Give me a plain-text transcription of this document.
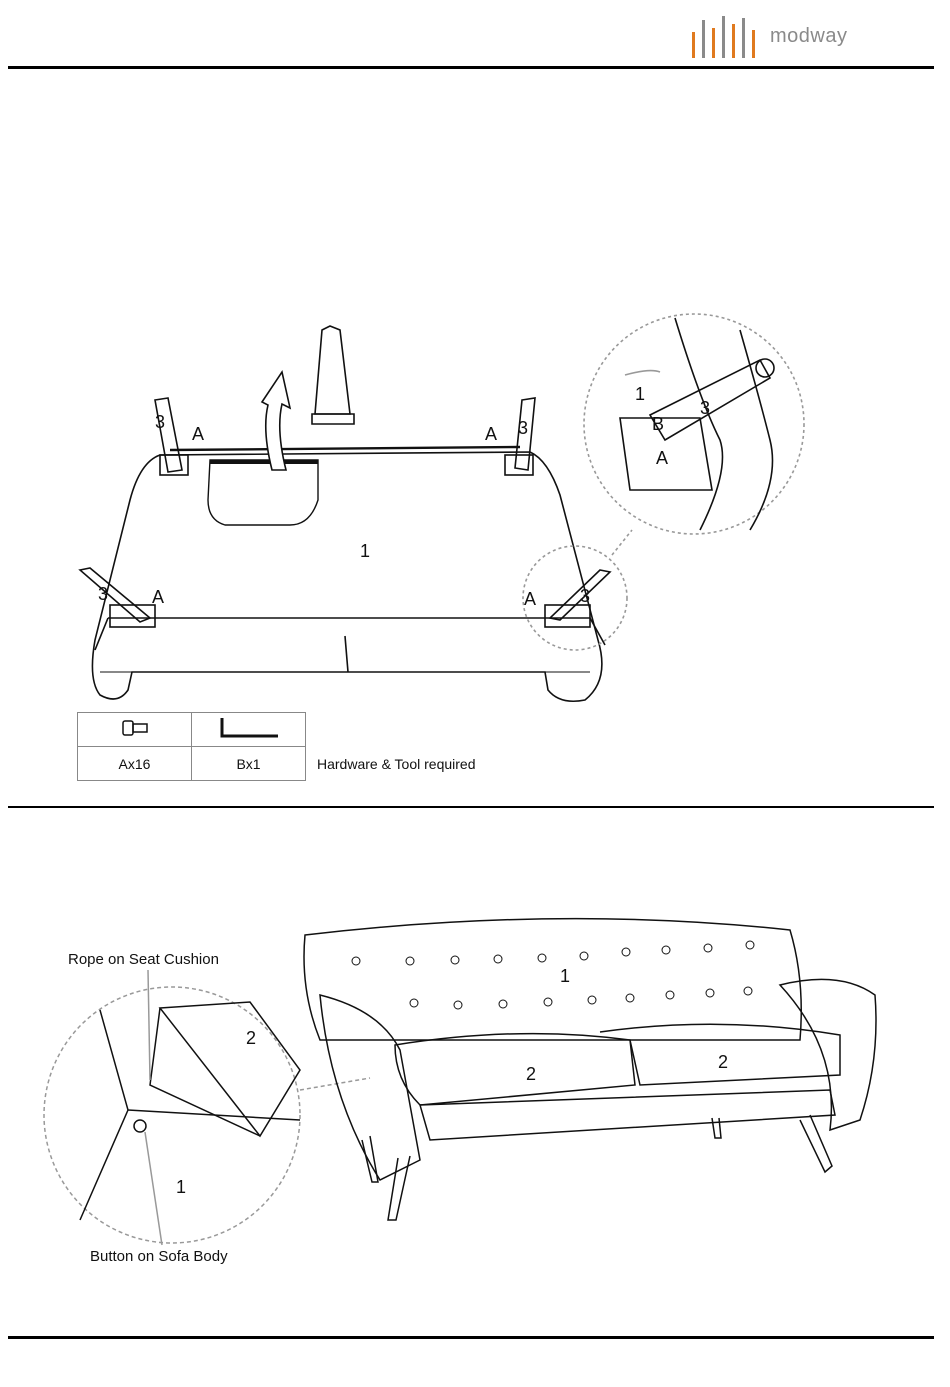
modway
1
3
A	A 3
3 A	A 3
1
3
B
A

Ax16	Bx1	Hardware & Tool required
Rope on Seat Cushion
Button on Sofa Body
2
1
1
2
2
